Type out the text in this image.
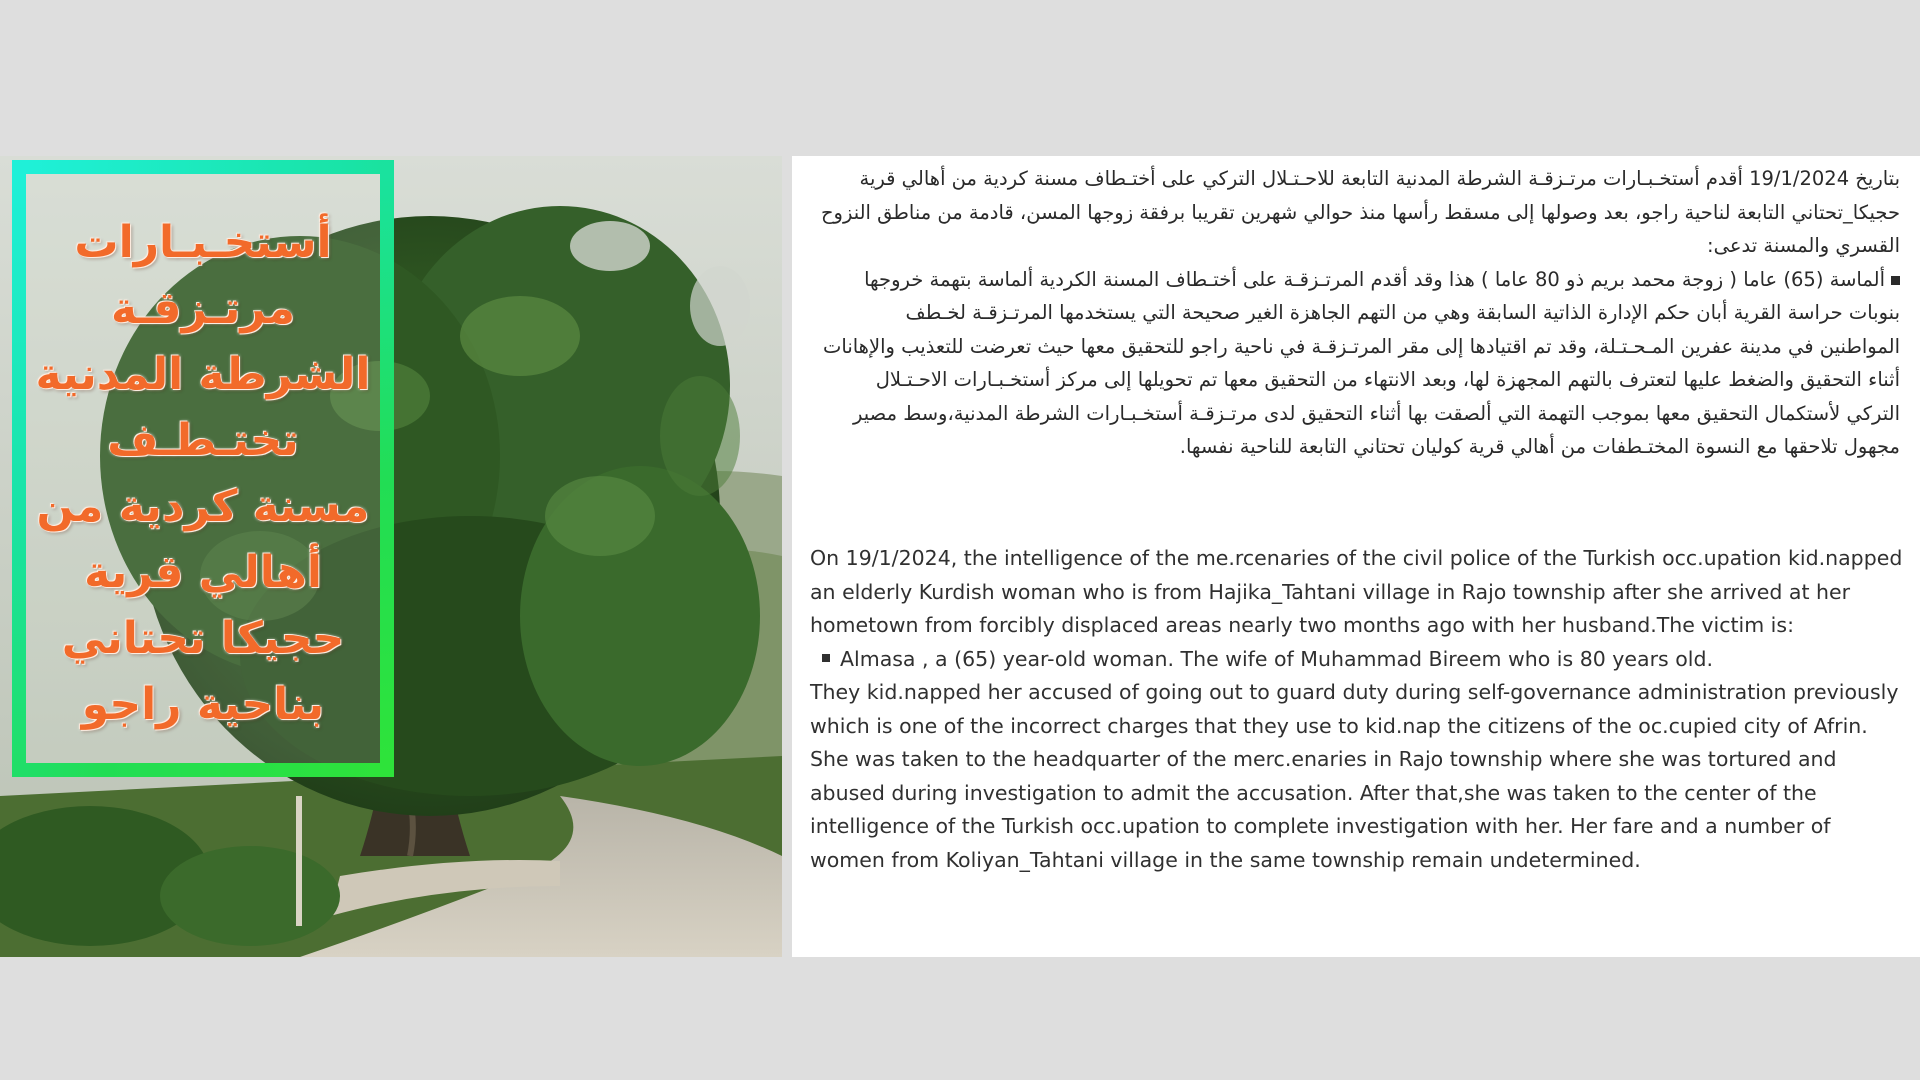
أستخـبـارات
مرتـزقـة
الشرطة المدنية
تختـطـف
مسنة كردية من
أهالي قرية
حجيكا تحتاني
بناحية راجو

بتاريخ 19/1/2024 أقدم أستخـبـارات مرتـزقـة الشرطة المدنية التابعة للاحـتـلال التركي على أختـطاف مسنة كردية من أهالي قرية حجيكا_تحتاني التابعة لناحية راجو، بعد وصولها إلى مسقط رأسها منذ حوالي شهرين تقريبا برفقة زوجها المسن، قادمة من مناطق النزوح القسري والمسنة تدعى:

ألماسة (65) عاما ( زوجة محمد بريم ذو 80 عاما ) هذا وقد أقدم المرتـزقـة على أختـطاف المسنة الكردية ألماسة بتهمة خروجها بنوبات حراسة القرية أبان حكم الإدارة الذاتية السابقة وهي من التهم الجاهزة الغير صحيحة التي يستخدمها المرتـزقـة لخـطف المواطنين في مدينة عفرين المـحـتـلة، وقد تم اقتيادها إلى مقر المرتـزقـة في ناحية راجو للتحقيق معها حيث تعرضت للتعذيب والإهانات أثناء التحقيق والضغط عليها لتعترف بالتهم المجهزة لها، وبعد الانتهاء من التحقيق معها تم تحويلها إلى مركز أستخـبـارات الاحـتـلال التركي لأستكمال التحقيق معها بموجب التهمة التي ألصقت بها أثناء التحقيق لدى مرتـزقـة أستخـبـارات الشرطة المدنية،وسط مصير مجهول تلاحقها مع النسوة المختـطفات من أهالي قرية كوليان تحتاني التابعة للناحية نفسها.

On 19/1/2024, the intelligence of the me.rcenaries of the civil police of the Turkish occ.upation kid.napped an elderly Kurdish woman who is from Hajika_Tahtani village in Rajo township after she arrived at her hometown from forcibly displaced areas nearly two months ago with her husband.The victim is:

Almasa , a (65) year-old woman. The wife of Muhammad Bireem who is 80 years old.

They kid.napped her accused of going out to guard duty during self-governance administration previously which is one of the incorrect charges that they use to kid.nap the citizens of the oc.cupied city of Afrin. She was taken to the headquarter of the merc.enaries in Rajo township where she was tortured and abused during investigation to admit the accusation. After that,she was taken to the center of the intelligence of the Turkish occ.upation to complete investigation with her. Her fare and a number of women from Koliyan_Tahtani village in the same township remain undetermined.
